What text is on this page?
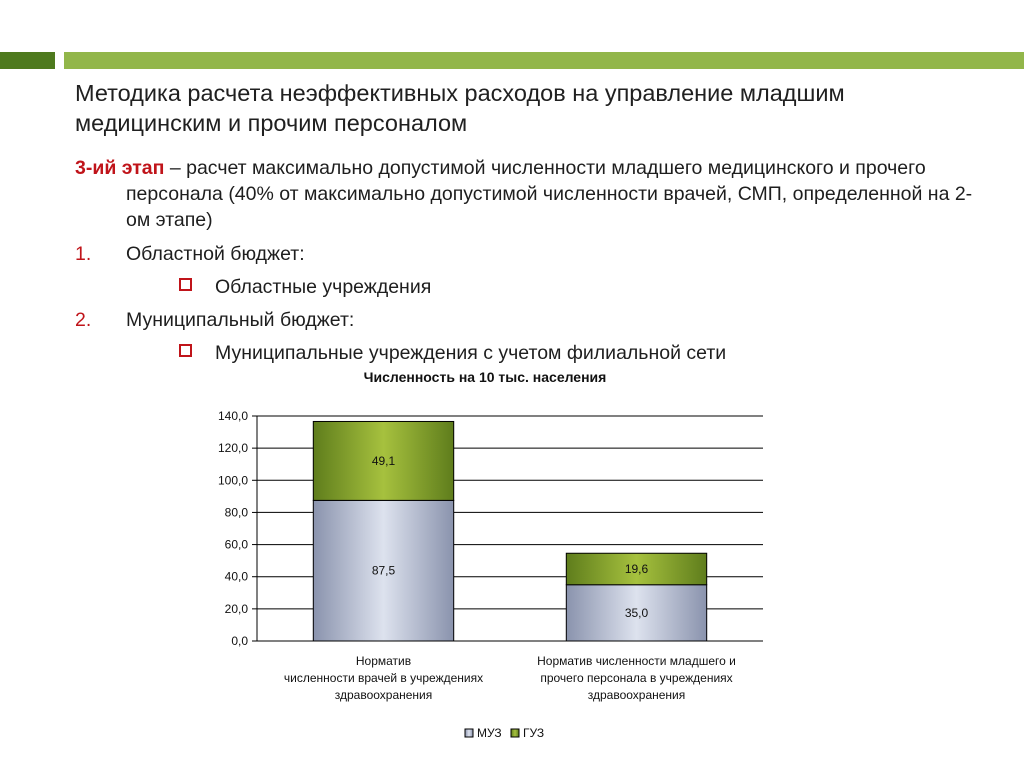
Методика расчета неэффективных расходов на управление младшим медицинским и прочим персоналом
3-ий этап – расчет максимально допустимой численности младшего медицинского и прочего персонала (40% от максимально допустимой численности врачей, СМП, определенной на 2-ом этапе)
1. Областной бюджет:
Областные учреждения
2. Муниципальный бюджет:
Муниципальные учреждения с учетом филиальной сети
Численность на 10 тыс. населения
0,0
20,0
40,0
60,0
80,0
100,0
120,0
140,0
87,5
49,1
Норматив
численности врачей в учреждениях
здравоохранения
35,0
19,6
Норматив численности младшего и
прочего персонала в учреждениях
здравоохранения
МУЗ ГУЗ
